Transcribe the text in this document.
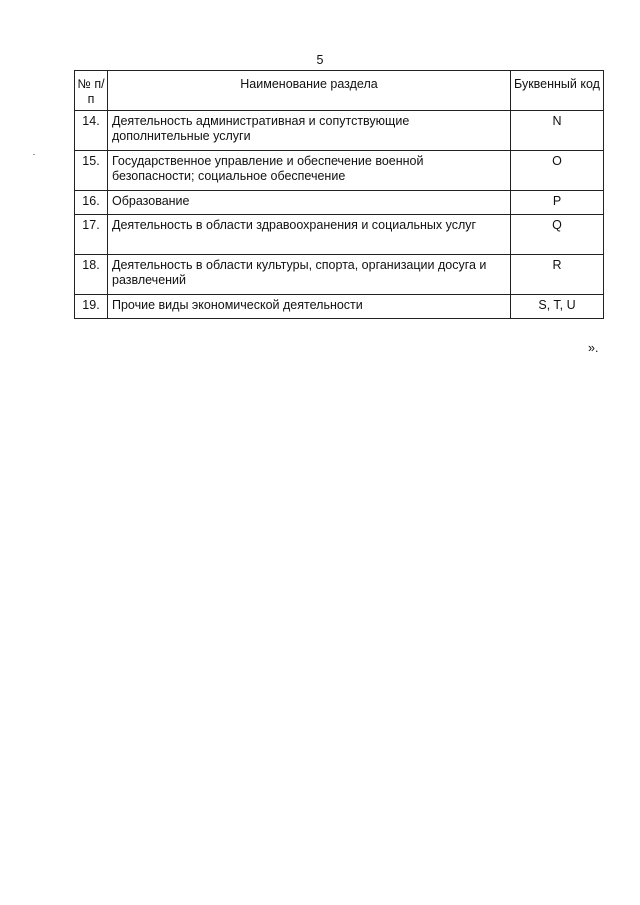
5
№ п/п	Наименование раздела	Буквенный код
14.	Деятельность административная и сопутствующие дополнительные услуги	N
15.	Государственное управление и обеспечение военной безопасности; социальное обеспечение	O
16.	Образование	P
17.	Деятельность в области здравоохранения и социальных услуг	Q
18.	Деятельность в области культуры, спорта, организации досуга и развлечений	R
19.	Прочие виды экономической деятельности	S, T, U
».
